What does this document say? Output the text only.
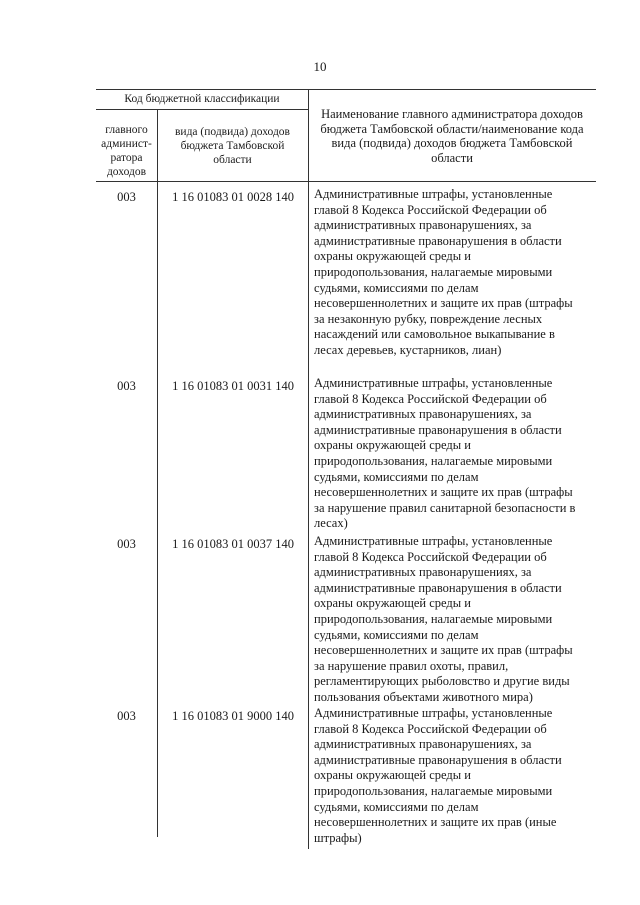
10
Код бюджетной классификации
главного админист-ратора доходов
вида (подвида) доходов бюджета Тамбовской области
Наименование главного администратора доходов бюджета Тамбовской области/наименование кода вида (подвида) доходов бюджета Тамбовской области
003	1 16 01083 01 0028 140	Административные штрафы, установленные главой 8 Кодекса Российской Федерации об административных правонарушениях, за административные правонарушения в области охраны окружающей среды и природопользования, налагаемые мировыми судьями, комиссиями по делам несовершеннолетних и защите их прав (штрафы за незаконную рубку, повреждение лесных насаждений или самовольное выкапывание в лесах деревьев, кустарников, лиан)
003	1 16 01083 01 0031 140	Административные штрафы, установленные главой 8 Кодекса Российской Федерации об административных правонарушениях, за административные правонарушения в области охраны окружающей среды и природопользования, налагаемые мировыми судьями, комиссиями по делам несовершеннолетних и защите их прав (штрафы за нарушение правил санитарной безопасности в лесах)
003	1 16 01083 01 0037 140	Административные штрафы, установленные главой 8 Кодекса Российской Федерации об административных правонарушениях, за административные правонарушения в области охраны окружающей среды и природопользования, налагаемые мировыми судьями, комиссиями по делам несовершеннолетних и защите их прав (штрафы за нарушение правил охоты, правил, регламентирующих рыболовство и другие виды пользования объектами животного мира)
003	1 16 01083 01 9000 140	Административные штрафы, установленные главой 8 Кодекса Российской Федерации об административных правонарушениях, за административные правонарушения в области охраны окружающей среды и природопользования, налагаемые мировыми судьями, комиссиями по делам несовершеннолетних и защите их прав (иные штрафы)
